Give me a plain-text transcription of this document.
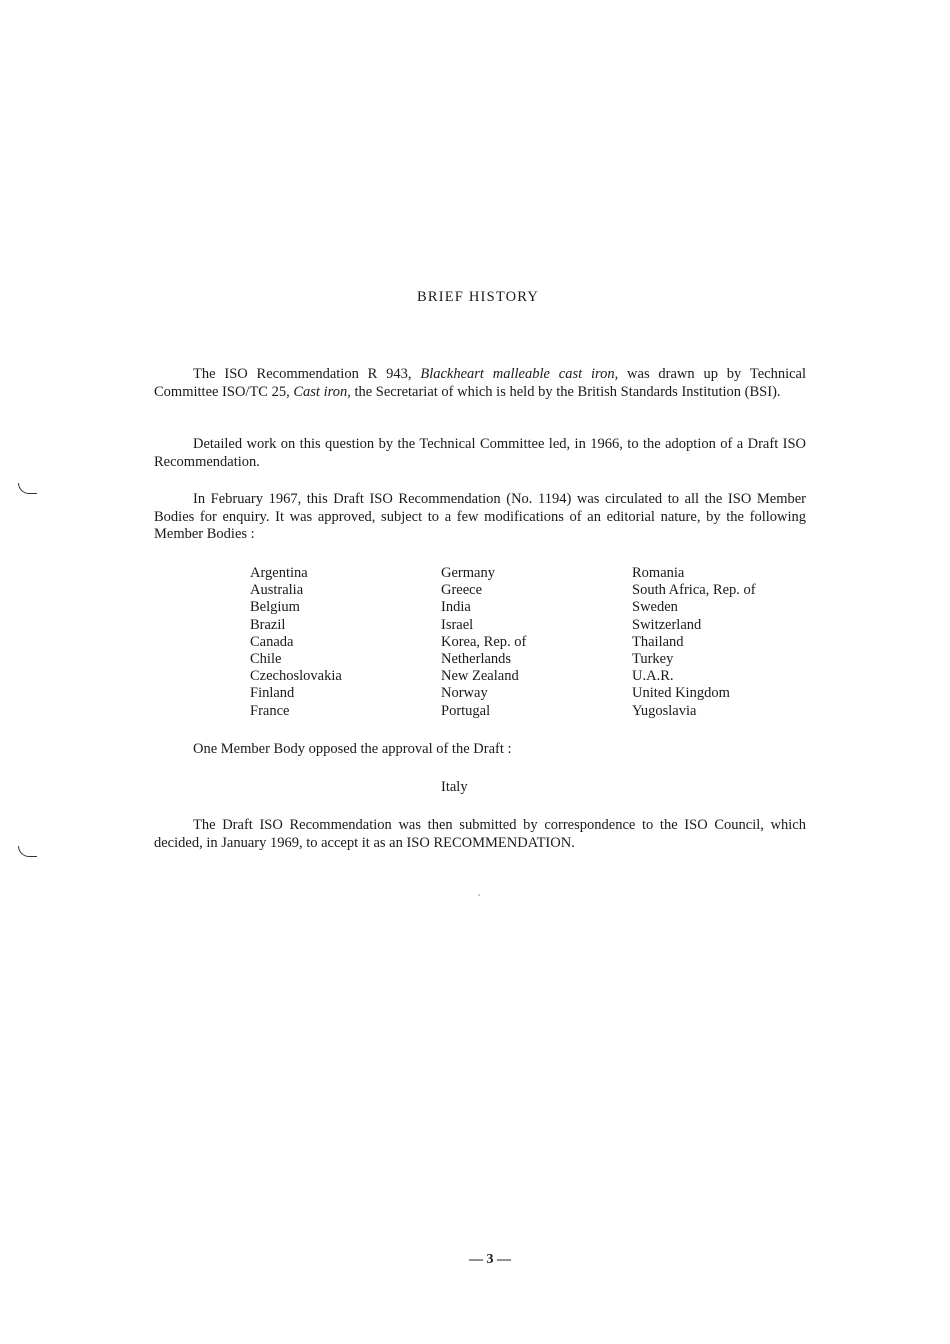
BRIEF HISTORY

The ISO Recommendation R 943, Blackheart malleable cast iron, was drawn up by Technical Committee ISO/TC 25, Cast iron, the Secretariat of which is held by the British Standards Institution (BSI).

Detailed work on this question by the Technical Committee led, in 1966, to the adoption of a Draft ISO Recommendation.

In February 1967, this Draft ISO Recommendation (No. 1194) was circulated to all the ISO Member Bodies for enquiry. It was approved, subject to a few modifications of an editorial nature, by the following Member Bodies :

Argentina
Australia
Belgium
Brazil
Canada
Chile
Czechoslovakia
Finland
France
Germany
Greece
India
Israel
Korea, Rep. of
Netherlands
New Zealand
Norway
Portugal
Romania
South Africa, Rep. of
Sweden
Switzerland
Thailand
Turkey
U.A.R.
United Kingdom
Yugoslavia
One Member Body opposed the approval of the Draft :
Italy

The Draft ISO Recommendation was then submitted by correspondence to the ISO Council, which decided, in January 1969, to accept it as an ISO RECOMMENDATION.

— 3 —
